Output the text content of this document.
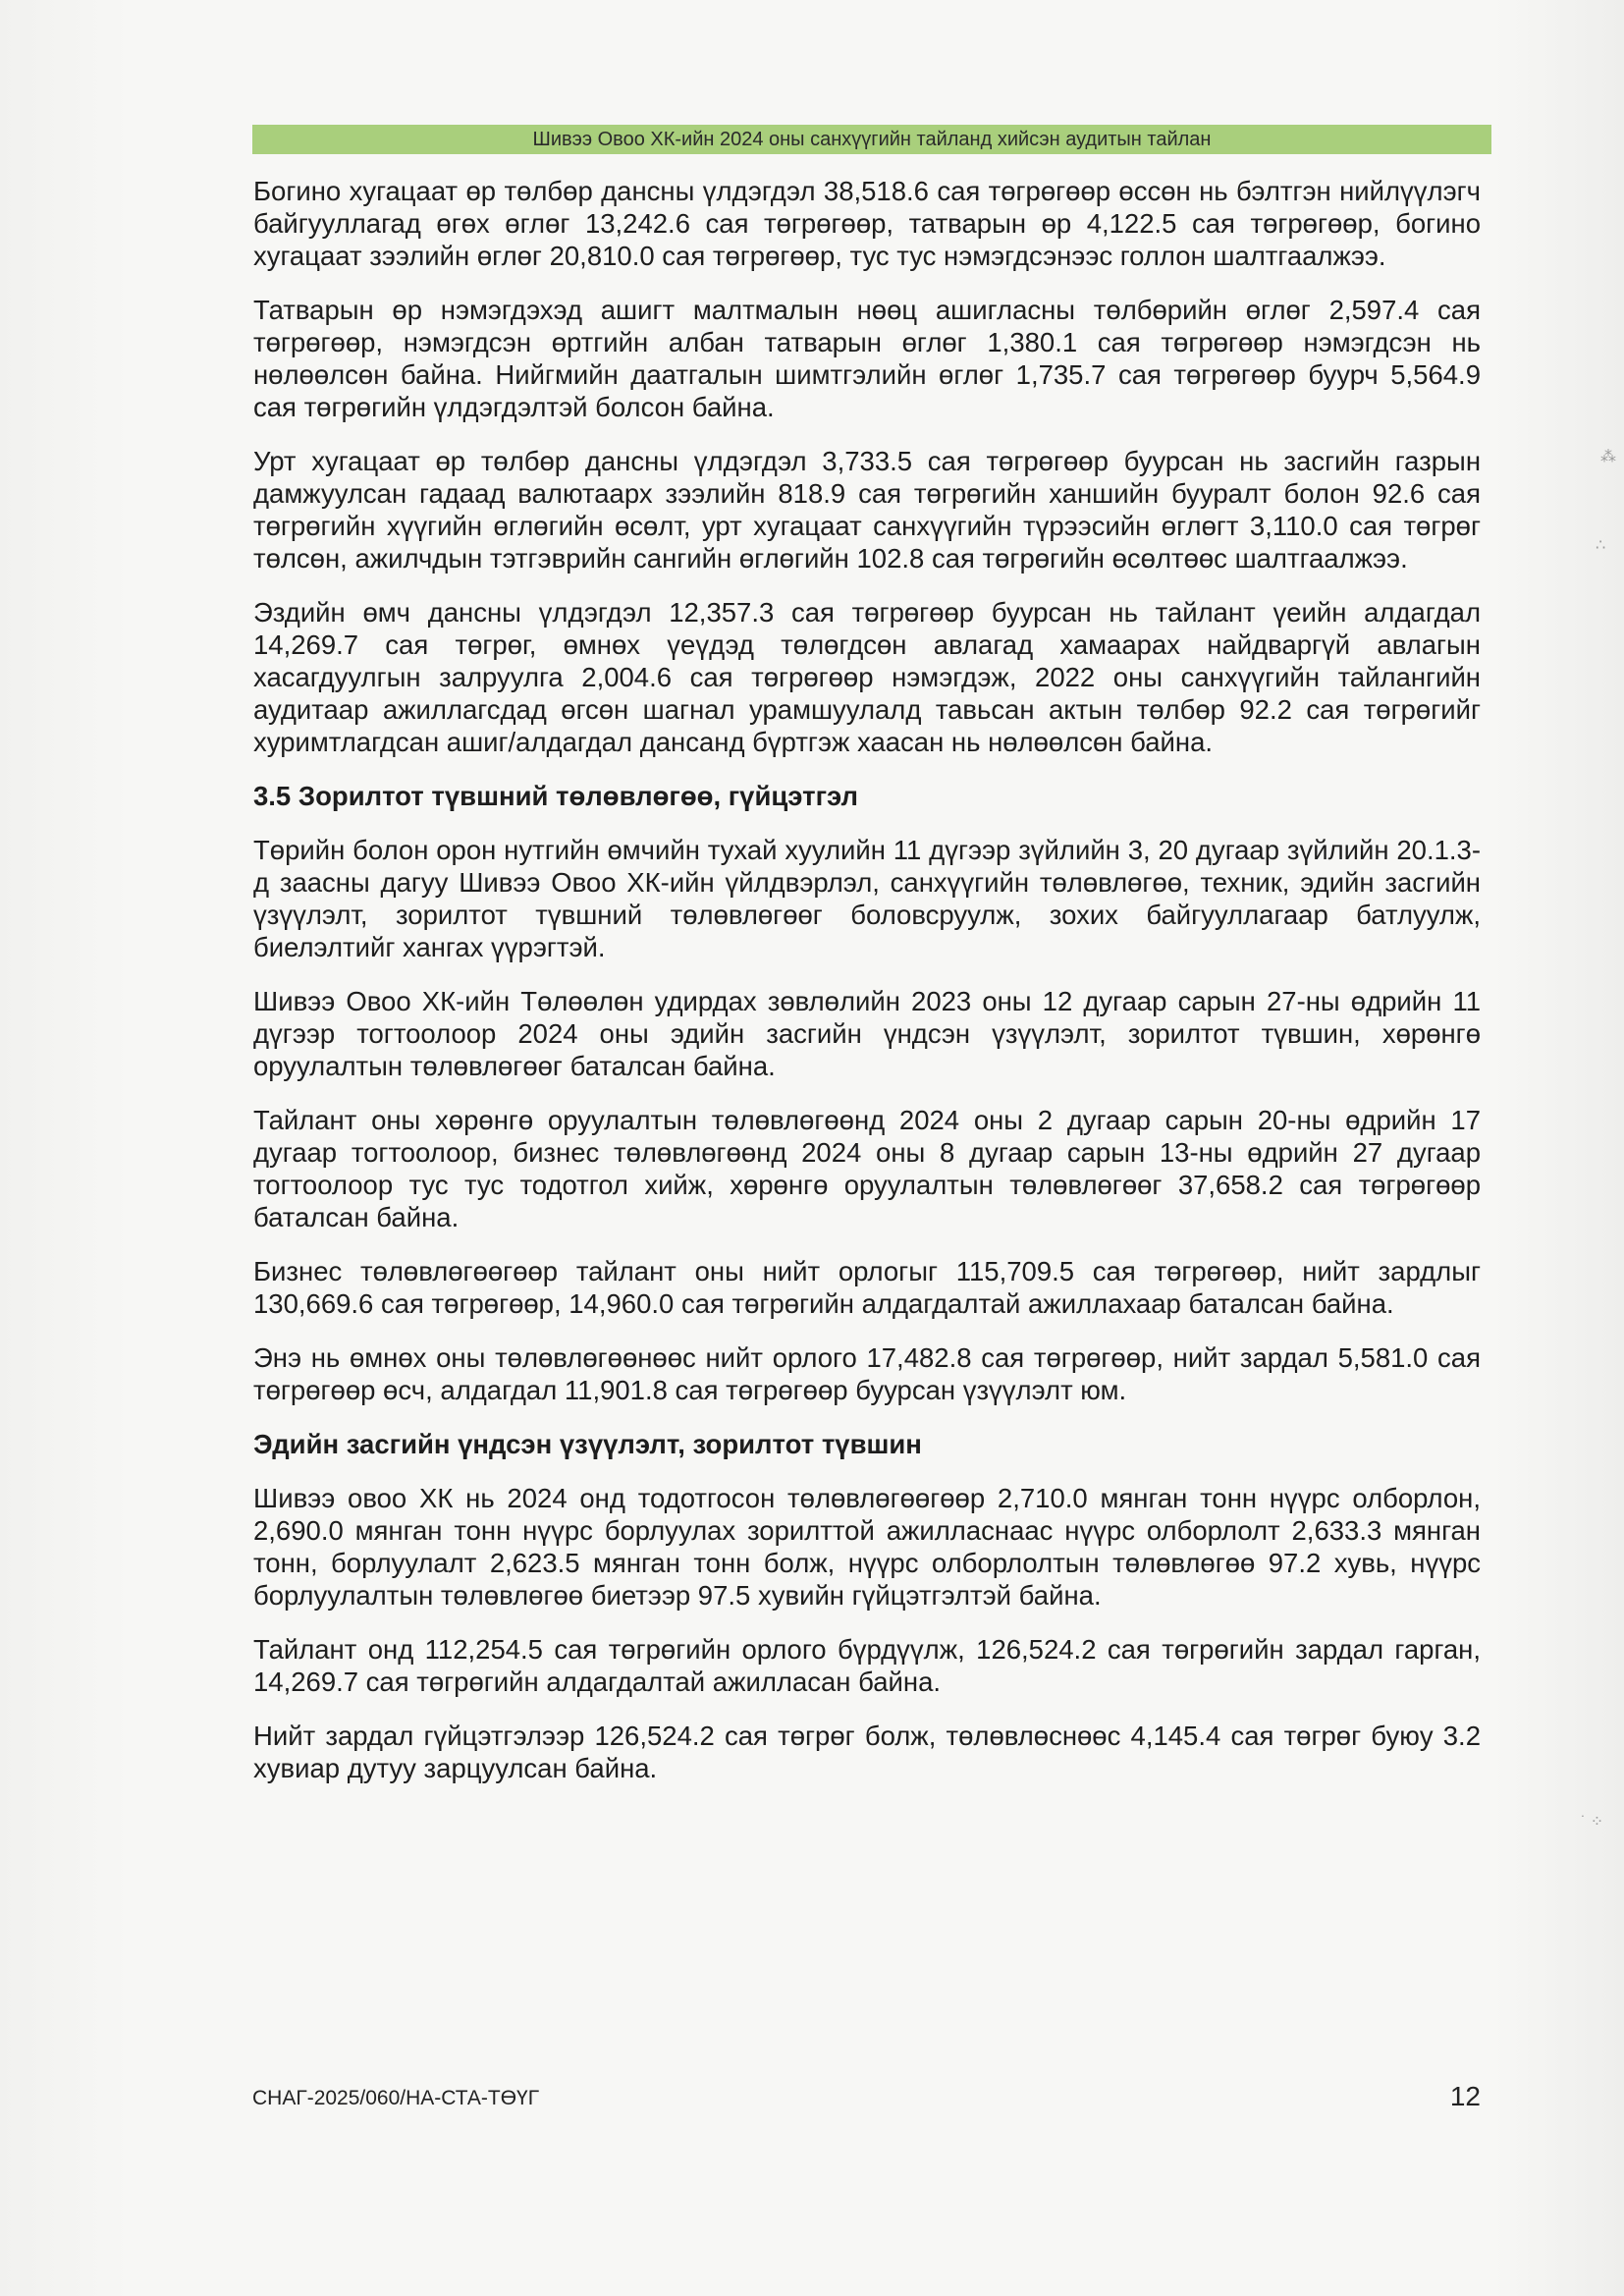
Шивээ Овоо ХК-ийн 2024 оны санхүүгийн тайланд хийсэн аудитын тайлан

Богино хугацаат өр төлбөр дансны үлдэгдэл 38,518.6 сая төгрөгөөр өссөн нь бэлтгэн нийлүүлэгч байгууллагад өгөх өглөг 13,242.6 сая төгрөгөөр, татварын өр 4,122.5 сая төгрөгөөр, богино хугацаат зээлийн өглөг 20,810.0 сая төгрөгөөр, тус тус нэмэгдсэнээс голлон шалтгаалжээ.

Татварын өр нэмэгдэхэд ашигт малтмалын нөөц ашигласны төлбөрийн өглөг 2,597.4 сая төгрөгөөр, нэмэгдсэн өртгийн албан татварын өглөг 1,380.1 сая төгрөгөөр нэмэгдсэн нь нөлөөлсөн байна. Нийгмийн даатгалын шимтгэлийн өглөг 1,735.7 сая төгрөгөөр буурч 5,564.9 сая төгрөгийн үлдэгдэлтэй болсон байна.

Урт хугацаат өр төлбөр дансны үлдэгдэл 3,733.5 сая төгрөгөөр буурсан нь засгийн газрын дамжуулсан гадаад валютаарх зээлийн 818.9 сая төгрөгийн ханшийн бууралт болон 92.6 сая төгрөгийн хүүгийн өглөгийн өсөлт, урт хугацаат санхүүгийн түрээсийн өглөгт 3,110.0 сая төгрөг төлсөн, ажилчдын тэтгэврийн сангийн өглөгийн 102.8 сая төгрөгийн өсөлтөөс шалтгаалжээ.

Эздийн өмч дансны үлдэгдэл 12,357.3 сая төгрөгөөр буурсан нь тайлант үеийн алдагдал 14,269.7 сая төгрөг, өмнөх үеүдэд төлөгдсөн авлагад хамаарах найдваргүй авлагын хасагдуулгын залруулга 2,004.6 сая төгрөгөөр нэмэгдэж, 2022 оны санхүүгийн тайлангийн аудитаар ажиллагсдад өгсөн шагнал урамшуулалд тавьсан актын төлбөр 92.2 сая төгрөгийг хуримтлагдсан ашиг/алдагдал дансанд бүртгэж хаасан нь нөлөөлсөн байна.

3.5 Зорилтот түвшний төлөвлөгөө, гүйцэтгэл

Төрийн болон орон нутгийн өмчийн тухай хуулийн 11 дүгээр зүйлийн 3, 20 дугаар зүйлийн 20.1.3-д заасны дагуу Шивээ Овоо ХК-ийн үйлдвэрлэл, санхүүгийн төлөвлөгөө, техник, эдийн засгийн үзүүлэлт, зорилтот түвшний төлөвлөгөөг боловсруулж, зохих байгууллагаар батлуулж, биелэлтийг хангах үүрэгтэй.

Шивээ Овоо ХК-ийн Төлөөлөн удирдах зөвлөлийн 2023 оны 12 дугаар сарын 27-ны өдрийн 11 дүгээр тогтоолоор 2024 оны эдийн засгийн үндсэн үзүүлэлт, зорилтот түвшин, хөрөнгө оруулалтын төлөвлөгөөг баталсан байна.

Тайлант оны хөрөнгө оруулалтын төлөвлөгөөнд 2024 оны 2 дугаар сарын 20-ны өдрийн 17 дугаар тогтоолоор, бизнес төлөвлөгөөнд 2024 оны 8 дугаар сарын 13-ны өдрийн 27 дугаар тогтоолоор тус тус тодотгол хийж, хөрөнгө оруулалтын төлөвлөгөөг 37,658.2 сая төгрөгөөр баталсан байна.

Бизнес төлөвлөгөөгөөр тайлант оны нийт орлогыг 115,709.5 сая төгрөгөөр, нийт зардлыг 130,669.6 сая төгрөгөөр, 14,960.0 сая төгрөгийн алдагдалтай ажиллахаар баталсан байна.

Энэ нь өмнөх оны төлөвлөгөөнөөс нийт орлого 17,482.8 сая төгрөгөөр, нийт зардал 5,581.0 сая төгрөгөөр өсч, алдагдал 11,901.8 сая төгрөгөөр буурсан үзүүлэлт юм.

Эдийн засгийн үндсэн үзүүлэлт, зорилтот түвшин

Шивээ овоо ХК нь 2024 онд тодотгосон төлөвлөгөөгөөр 2,710.0 мянган тонн нүүрс олборлон, 2,690.0 мянган тонн нүүрс борлуулах зорилттой ажилласнаас нүүрс олборлолт 2,633.3 мянган тонн, борлуулалт 2,623.5 мянган тонн болж, нүүрс олборлолтын төлөвлөгөө 97.2 хувь, нүүрс борлуулалтын төлөвлөгөө биетээр 97.5 хувийн гүйцэтгэлтэй байна.

Тайлант онд 112,254.5 сая төгрөгийн орлого бүрдүүлж, 126,524.2 сая төгрөгийн зардал гарган, 14,269.7 сая төгрөгийн алдагдалтай ажилласан байна.

Нийт зардал гүйцэтгэлээр 126,524.2 сая төгрөг болж, төлөвлөснөөс 4,145.4 сая төгрөг буюу 3.2 хувиар дутуу зарцуулсан байна.

СНАГ-2025/060/НА-СТА-ТӨҮГ	12
⁂
∴
˙ ⁘
